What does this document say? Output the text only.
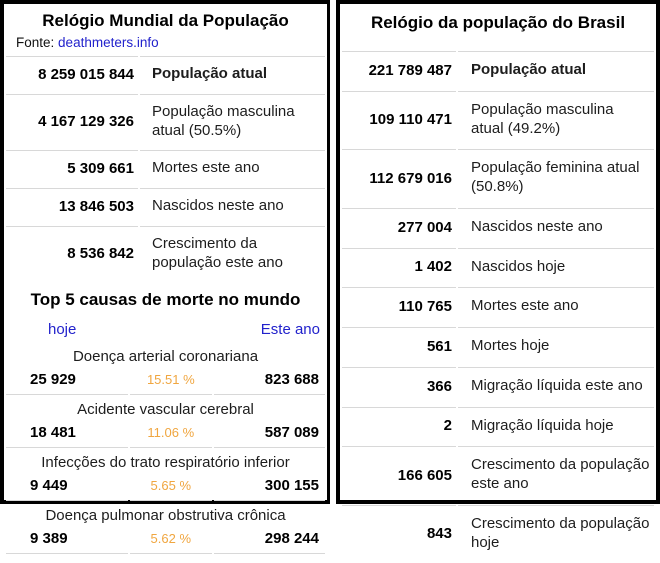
Relógio Mundial da População	
Fonte: deathmeters.info	
8 259 015 844	População atual
4 167 129 326	População masculina atual (50.5%)
5 309 661	Mortes este ano
13 846 503	Nascidos neste ano
8 536 842	Crescimento da população este ano
Top 5 causas de morte no mundo		
hoje		Este ano
Doença arterial coronariana		
25 929	15.51 %	823 688
Acidente vascular cerebral		
18 481	11.06 %	587 089
Infecções do trato respiratório inferior		
9 449	5.65 %	300 155
Doença pulmonar obstrutiva crônica		
9 389	5.62 %	298 244
Relógio da população do Brasil	
221 789 487	População atual
109 110 471	População masculina atual (49.2%)
112 679 016	População feminina atual (50.8%)
277 004	Nascidos neste ano
1 402	Nascidos hoje
110 765	Mortes este ano
561	Mortes hoje
366	Migração líquida este ano
2	Migração líquida hoje
166 605	Crescimento da população este ano
843	Crescimento da população hoje
